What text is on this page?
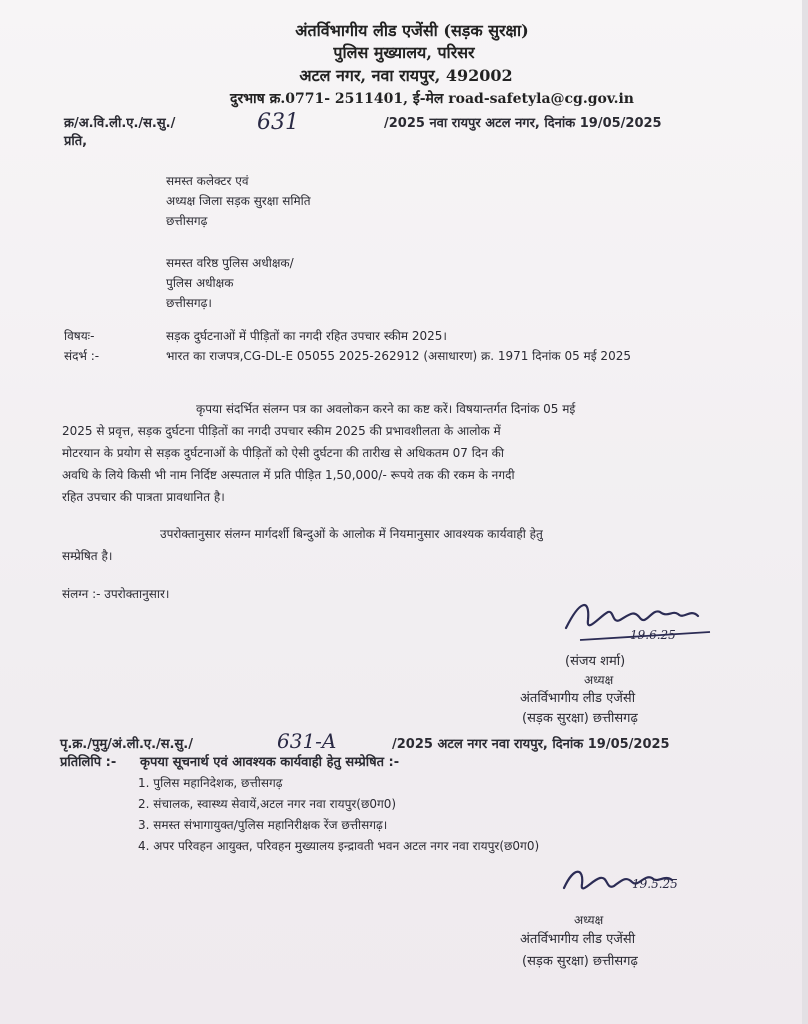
अंतर्विभागीय लीड एजेंसी (सड़क सुरक्षा)
पुलिस मुख्यालय, परिसर
अटल नगर, नवा रायपुर, 492002
दुरभाष क्र.0771- 2511401, ई-मेल road-safetyla@cg.gov.in
क्र/अ.वि.ली.ए./स.सु./	631	/2025 नवा रायपुर अटल नगर, दिनांक 19/05/2025
प्रति,
समस्त कलेक्टर एवं
अध्यक्ष जिला सड़क सुरक्षा समिति
छत्तीसगढ़
समस्त वरिष्ठ पुलिस अधीक्षक/
पुलिस अधीक्षक
छत्तीसगढ़।
विषयः-	सड़क दुर्घटनाओं में पीड़ितों का नगदी रहित उपचार स्कीम 2025।
संदर्भ :-	भारत का राजपत्र,CG-DL-E 05055 2025-262912 (असाधारण) क्र. 1971 दिनांक 05 मई 2025
कृपया संदर्भित संलग्न पत्र का अवलोकन करने का कष्ट करें। विषयान्तर्गत दिनांक 05 मई
2025 से प्रवृत्त, सड़क दुर्घटना पीड़ितों का नगदी उपचार स्कीम 2025 की प्रभावशीलता के आलोक में
मोटरयान के प्रयोग से सड़क दुर्घटनाओं के पीड़ितों को ऐसी दुर्घटना की तारीख से अधिकतम 07 दिन की
अवधि के लिये किसी भी नाम निर्दिष्ट अस्पताल में प्रति पीड़ित 1,50,000/- रूपये तक की रकम के नगदी
रहित उपचार की पात्रता प्रावधानित है।
उपरोक्तानुसार संलग्न मार्गदर्शी बिन्दुओं के आलोक में नियमानुसार आवश्यक कार्यवाही हेतु
सम्प्रेषित है।
संलग्न :- उपरोक्तानुसार।
19.6.25
(संजय शर्मा)
अध्यक्ष
अंतर्विभागीय लीड एजेंसी
(सड़क सुरक्षा) छत्तीसगढ़
पृ.क्र./पुमु/अं.ली.ए./स.सु./	631-A	/2025 अटल नगर नवा रायपुर, दिनांक 19/05/2025
प्रतिलिपि :- कृपया सूचनार्थ एवं आवश्यक कार्यवाही हेतु सम्प्रेषित :-
1. पुलिस महानिदेशक, छत्तीसगढ़
2. संचालक, स्वास्थ्य सेवायें,अटल नगर नवा रायपुर(छ0ग0)
3. समस्त संभागायुक्त/पुलिस महानिरीक्षक रेंज छत्तीसगढ़।
4. अपर परिवहन आयुक्त, परिवहन मुख्यालय इन्द्रावती भवन अटल नगर नवा रायपुर(छ0ग0)
19.5.25
अध्यक्ष
अंतर्विभागीय लीड एजेंसी
(सड़क सुरक्षा) छत्तीसगढ़
